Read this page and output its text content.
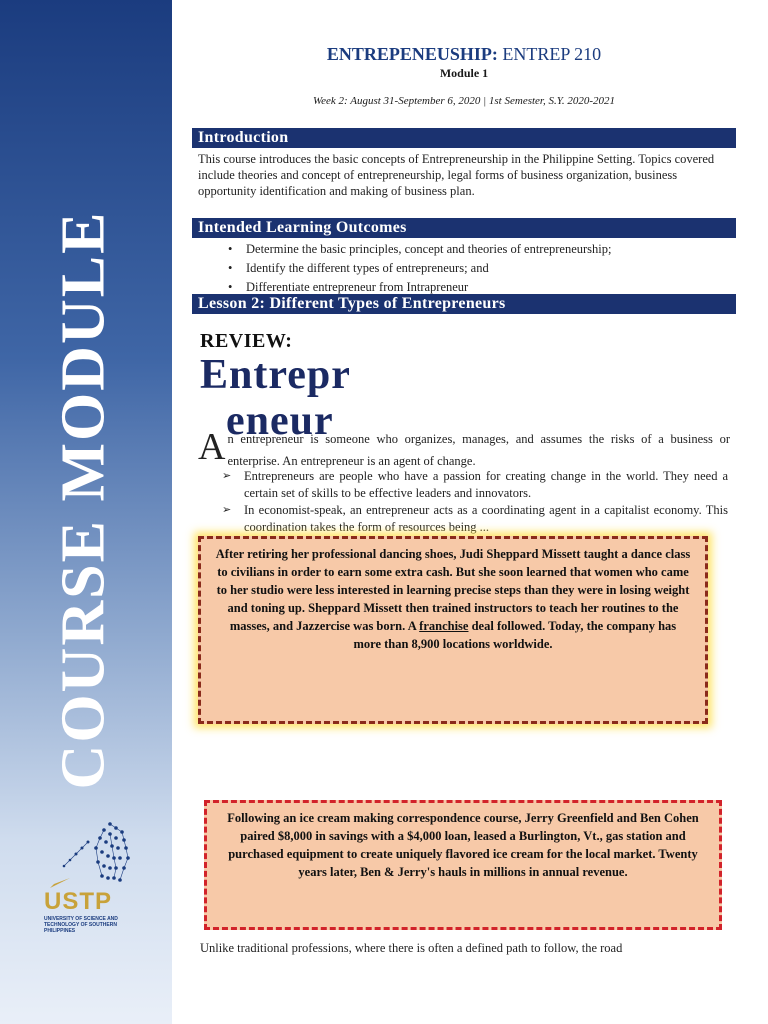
COURSE MODULE
USTP
UNIVERSITY OF SCIENCE AND TECHNOLOGY OF SOUTHERN PHILIPPINES
ENTREPENEUSHIP: ENTREP 210
Module 1
Week 2: August 31-September 6, 2020 | 1st Semester, S.Y. 2020-2021
Introduction
This course introduces the basic concepts of Entrepreneurship in the Philippine Setting. Topics covered include theories and concept of entrepreneurship, legal forms of business organization, business opportunity identification and making of business plan.
Intended Learning Outcomes
• Determine the basic principles, concept and theories of entrepreneurship;
• Identify the different types of entrepreneurs; and
• Differentiate entrepreneur from Intrapreneur
Lesson 2: Different Types of Entrepreneurs
REVIEW:
Entrepr
eneur
An entrepreneur is someone who organizes, manages, and assumes the risks of a business or enterprise. An entrepreneur is an agent of change.
➢ Entrepreneurs are people who have a passion for creating change in the world. They need a certain set of skills to be effective leaders and innovators.
➢ In economist-speak, an entrepreneur acts as a coordinating agent in a capitalist economy. This coordination takes the form of resources being ...
After retiring her professional dancing shoes, Judi Sheppard Missett taught a dance class to civilians in order to earn some extra cash. But she soon learned that women who came to her studio were less interested in learning precise steps than they were in losing weight and toning up. Sheppard Missett then trained instructors to teach her routines to the masses, and Jazzercise was born. A franchise deal followed. Today, the company has more than 8,900 locations worldwide.
Following an ice cream making correspondence course, Jerry Greenfield and Ben Cohen paired $8,000 in savings with a $4,000 loan, leased a Burlington, Vt., gas station and purchased equipment to create uniquely flavored ice cream for the local market. Twenty years later, Ben & Jerry's hauls in millions in annual revenue.
Unlike traditional professions, where there is often a defined path to follow, the road
